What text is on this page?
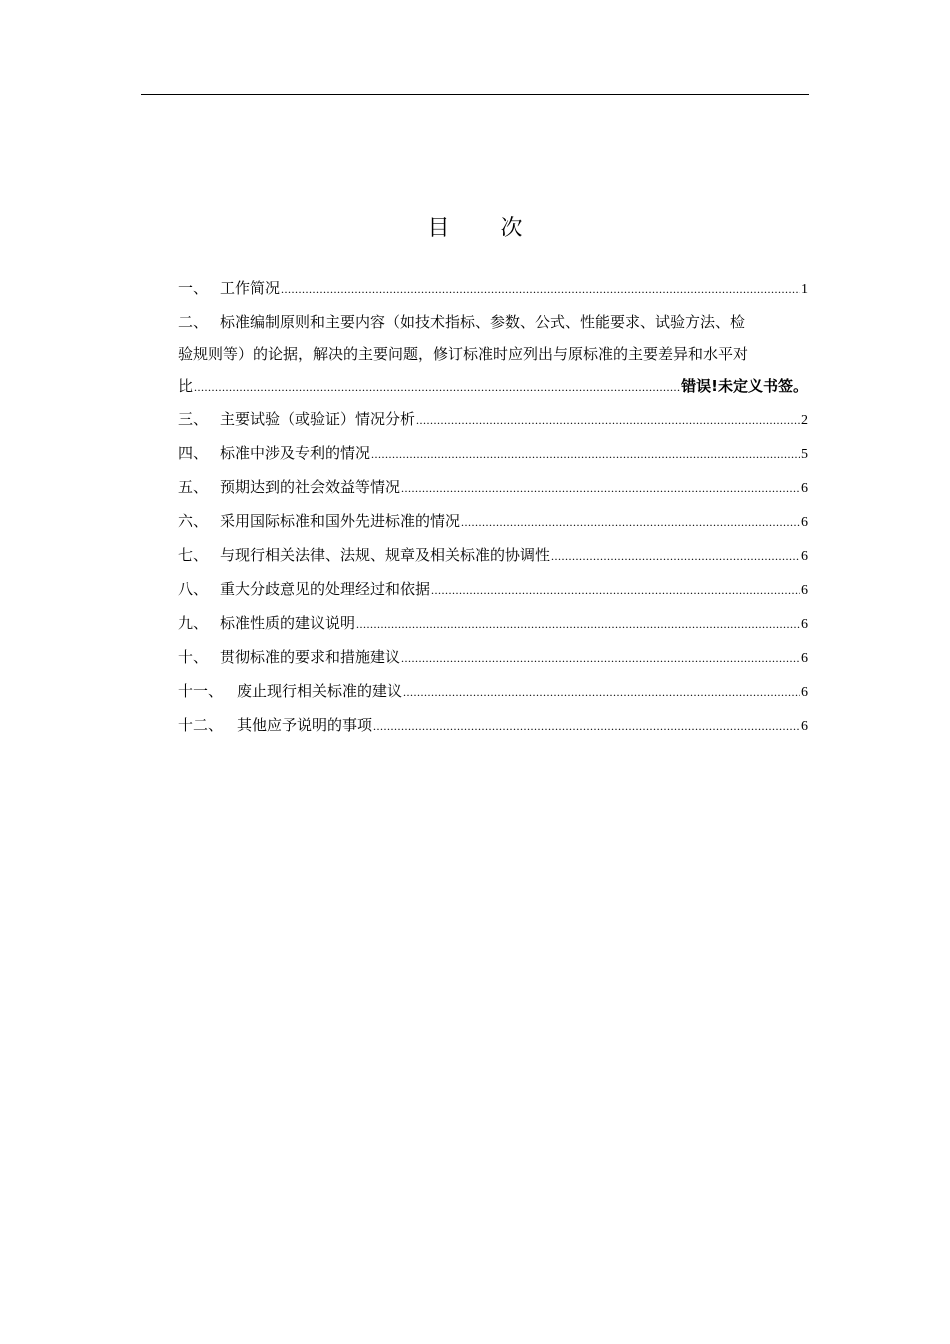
目 次
一、 工作简况 .....	1
二、 标准编制原则和主要内容（如技术指标、参数、公式、性能要求、试验方法、检
验规则等）的论据，解决的主要问题，修订标准时应列出与原标准的主要差异和水平对
比 .....	错误!未定义书签。
三、 主要试验（或验证）情况分析 .....	2
四、 标准中涉及专利的情况 .....	5
五、 预期达到的社会效益等情况 .....	6
六、 采用国际标准和国外先进标准的情况 .....	6
七、 与现行相关法律、法规、规章及相关标准的协调性 .....	6
八、 重大分歧意见的处理经过和依据 .....	6
九、 标准性质的建议说明 .....	6
十、 贯彻标准的要求和措施建议 .....	6
十一、 废止现行相关标准的建议 .....	6
十二、 其他应予说明的事项 .....	6
